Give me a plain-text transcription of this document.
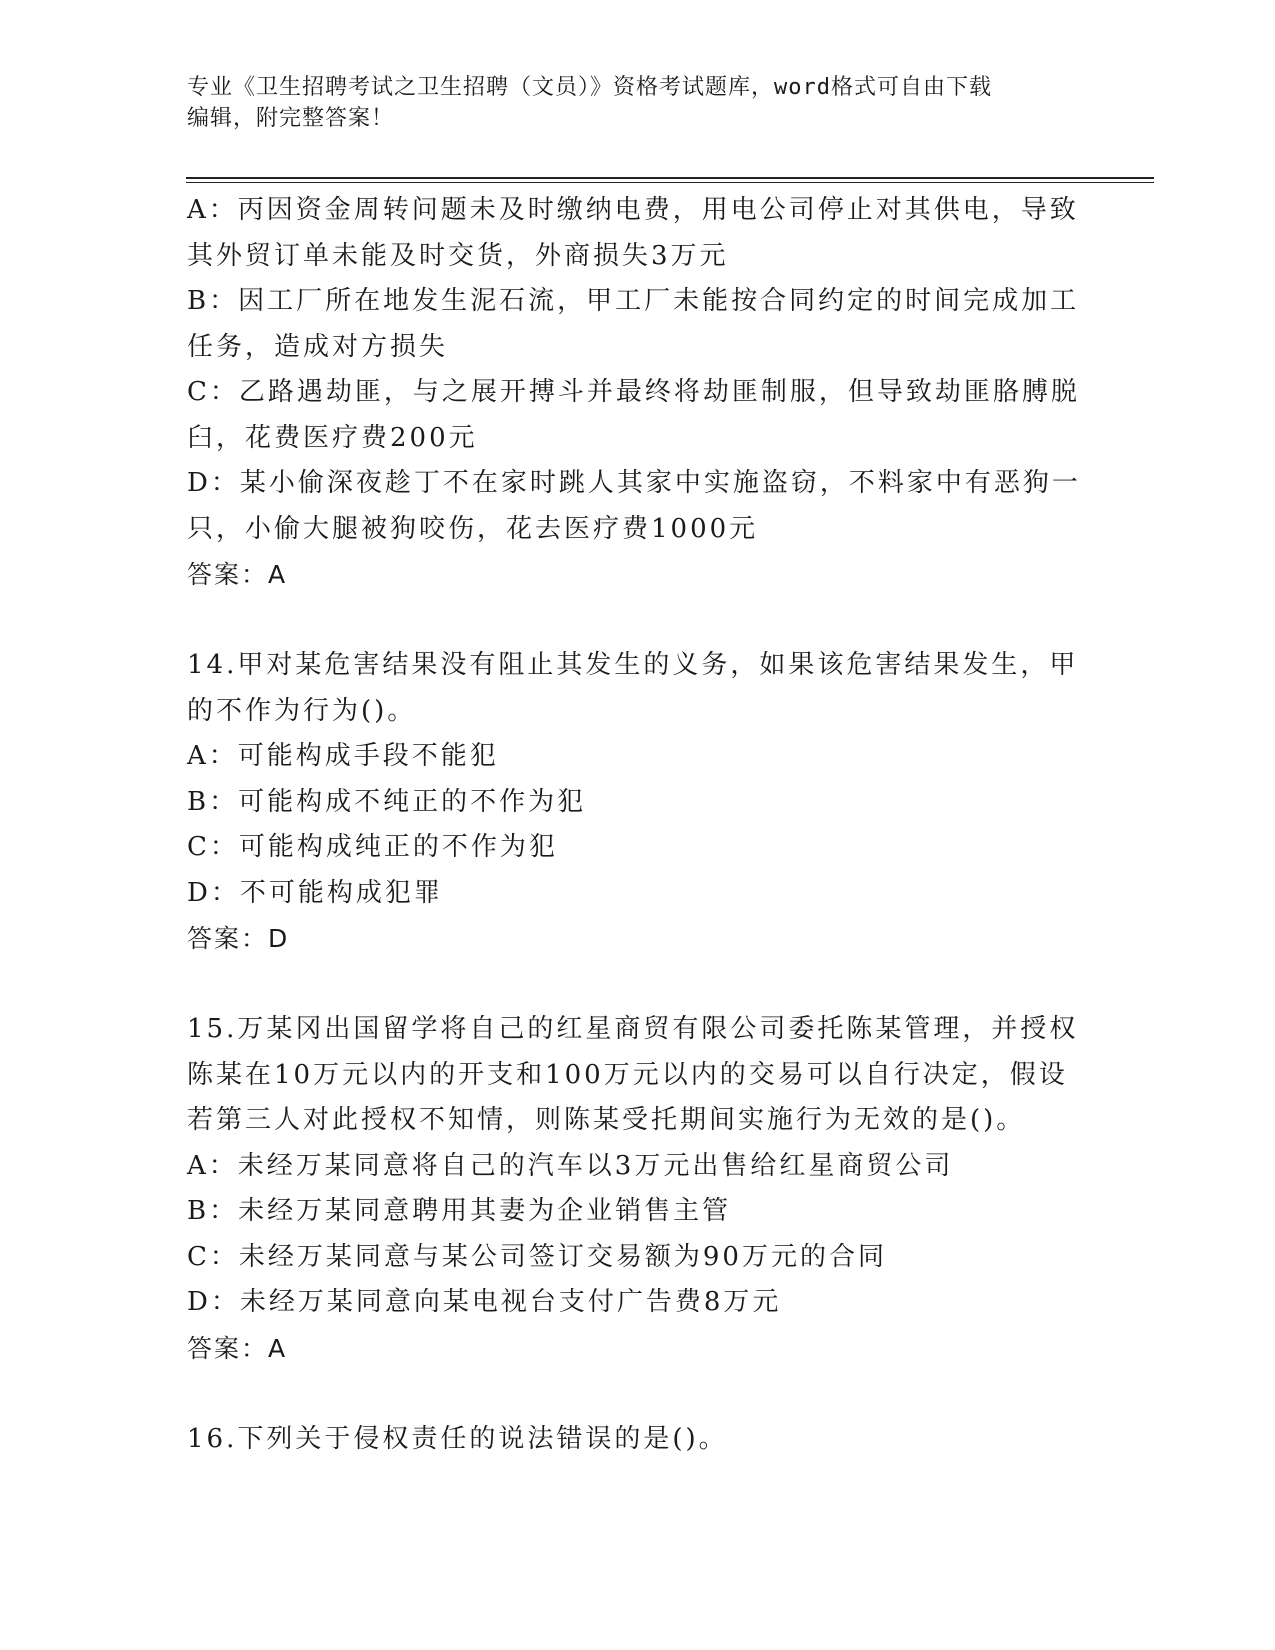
专业《卫生招聘考试之卫生招聘（文员）》资格考试题库，word格式可自由下载
编辑，附完整答案！
A：丙因资金周转问题未及时缴纳电费，用电公司停止对其供电，导致
其外贸订单未能及时交货，外商损失3万元
B：因工厂所在地发生泥石流，甲工厂未能按合同约定的时间完成加工
任务，造成对方损失
C：乙路遇劫匪，与之展开搏斗并最终将劫匪制服，但导致劫匪胳膊脱
臼，花费医疗费200元
D：某小偷深夜趁丁不在家时跳人其家中实施盗窃，不料家中有恶狗一
只，小偷大腿被狗咬伤，花去医疗费1000元
答案：A
14.甲对某危害结果没有阻止其发生的义务，如果该危害结果发生，甲
的不作为行为()。
A：可能构成手段不能犯
B：可能构成不纯正的不作为犯
C：可能构成纯正的不作为犯
D：不可能构成犯罪
答案：D
15.万某冈出国留学将自己的红星商贸有限公司委托陈某管理，并授权
陈某在10万元以内的开支和100万元以内的交易可以自行决定，假设
若第三人对此授权不知情，则陈某受托期间实施行为无效的是()。
A：未经万某同意将自己的汽车以3万元出售给红星商贸公司
B：未经万某同意聘用其妻为企业销售主管
C：未经万某同意与某公司签订交易额为90万元的合同
D：未经万某同意向某电视台支付广告费8万元
答案：A
16.下列关于侵权责任的说法错误的是()。
